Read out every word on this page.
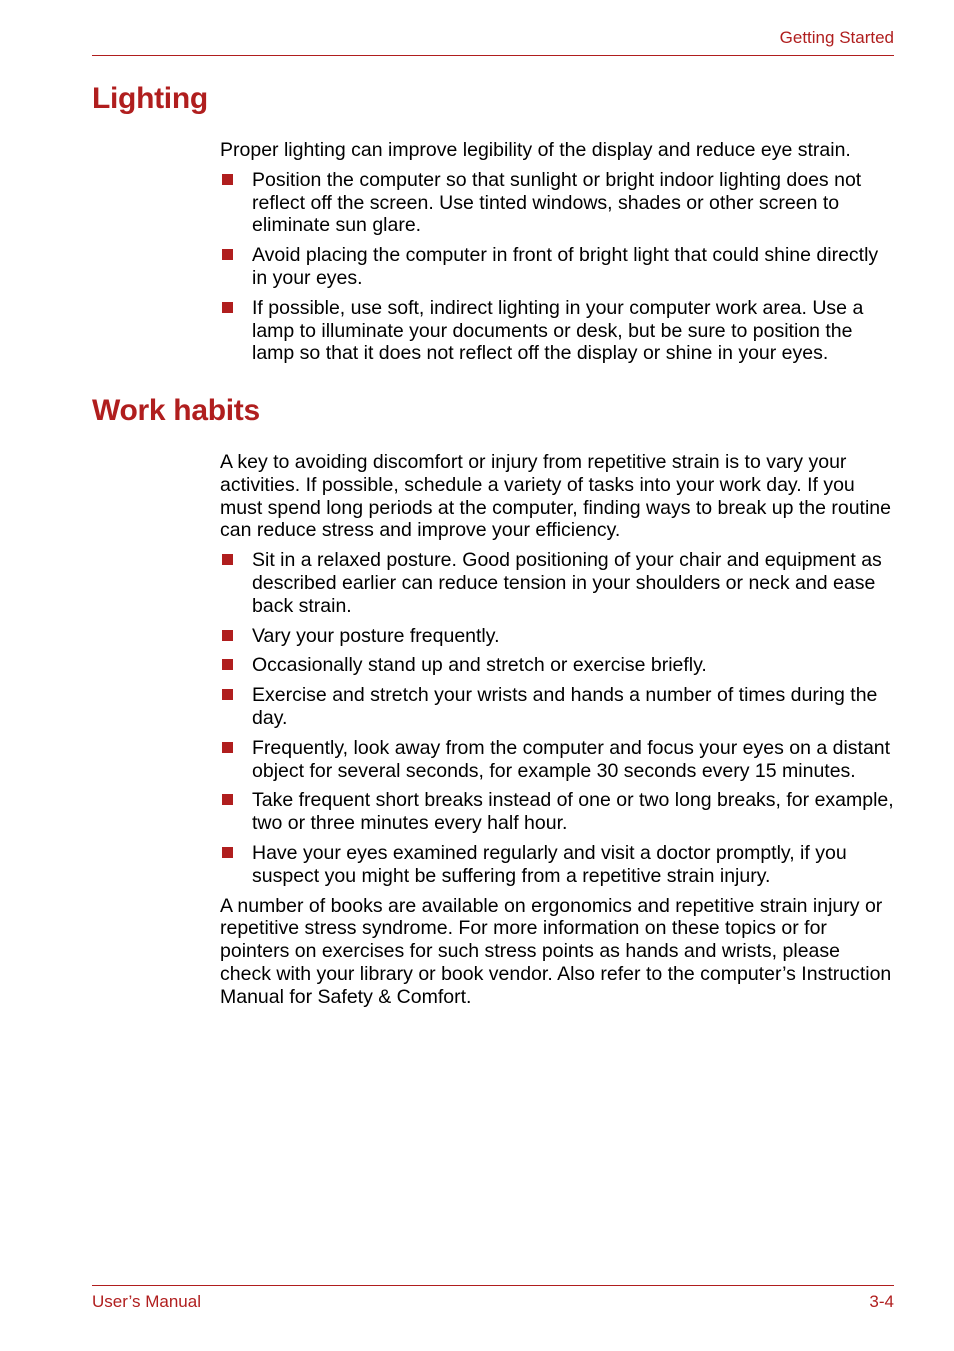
Getting Started
Lighting

Proper lighting can improve legibility of the display and reduce eye strain.

Position the computer so that sunlight or bright indoor lighting does not reflect off the screen. Use tinted windows, shades or other screen to eliminate sun glare.
Avoid placing the computer in front of bright light that could shine directly in your eyes.
If possible, use soft, indirect lighting in your computer work area. Use a lamp to illuminate your documents or desk, but be sure to position the lamp so that it does not reflect off the display or shine in your eyes.
Work habits

A key to avoiding discomfort or injury from repetitive strain is to vary your activities. If possible, schedule a variety of tasks into your work day. If you must spend long periods at the computer, finding ways to break up the routine can reduce stress and improve your efficiency.

Sit in a relaxed posture. Good positioning of your chair and equipment as described earlier can reduce tension in your shoulders or neck and ease back strain.
Vary your posture frequently.
Occasionally stand up and stretch or exercise briefly.
Exercise and stretch your wrists and hands a number of times during the day.
Frequently, look away from the computer and focus your eyes on a distant object for several seconds, for example 30 seconds every 15 minutes.
Take frequent short breaks instead of one or two long breaks, for example, two or three minutes every half hour.
Have your eyes examined regularly and visit a doctor promptly, if you suspect you might be suffering from a repetitive strain injury.

A number of books are available on ergonomics and repetitive strain injury or repetitive stress syndrome. For more information on these topics or for pointers on exercises for such stress points as hands and wrists, please check with your library or book vendor. Also refer to the computer’s Instruction Manual for Safety & Comfort.

User’s Manual	3-4
